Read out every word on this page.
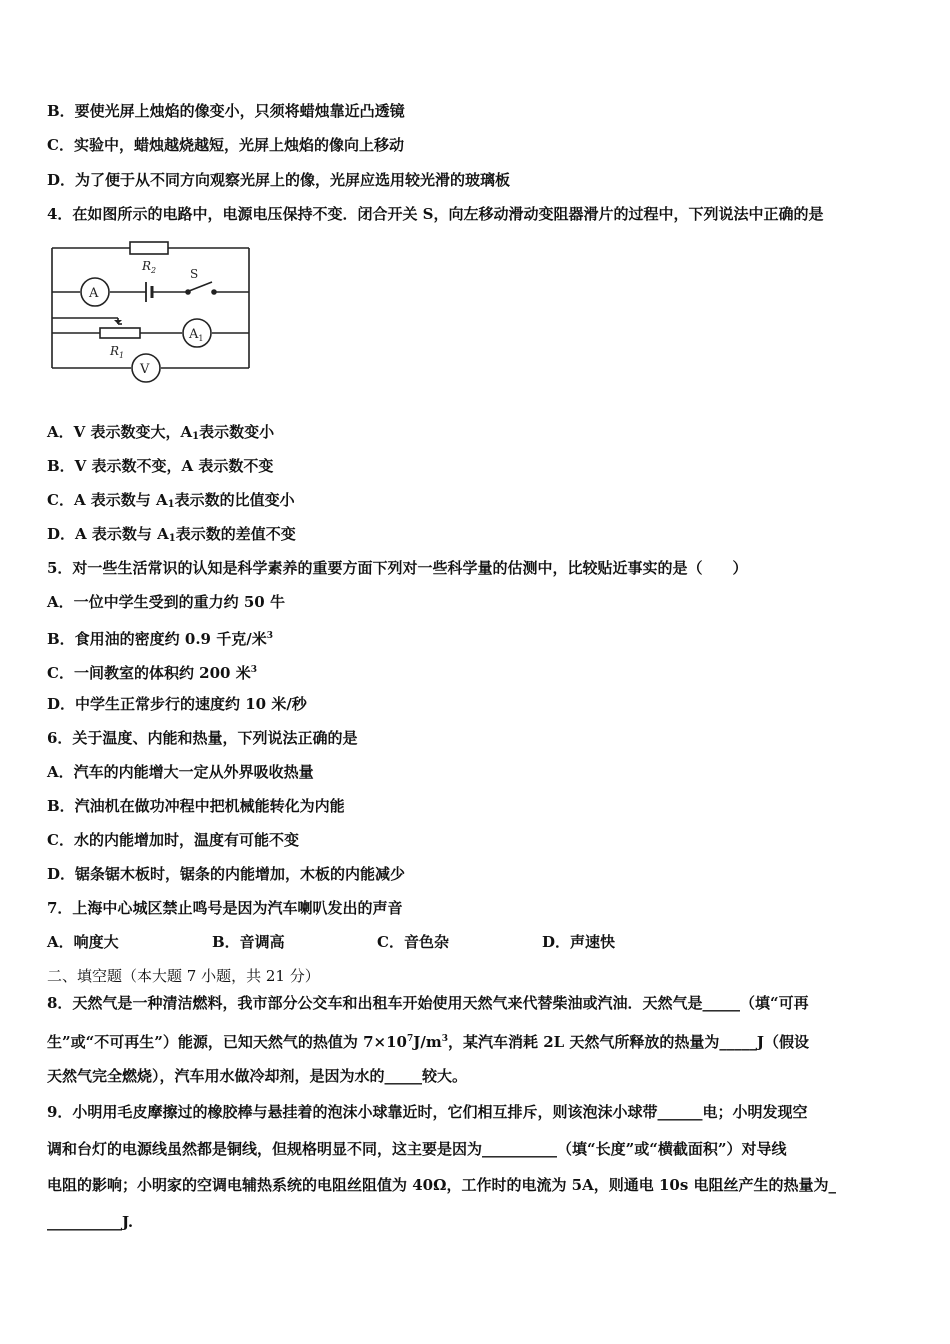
B．要使光屏上烛焰的像变小，只须将蜡烛靠近凸透镜
C．实验中，蜡烛越烧越短，光屏上烛焰的像向上移动
D．为了便于从不同方向观察光屏上的像，光屏应选用较光滑的玻璃板
4．在如图所示的电路中，电源电压保持不变．闭合开关 S，向左移动滑动变阻器滑片的过程中，下列说法中正确的是
$R_2$	S
A
$A_1$
$R_1$
V
A．V 表示数变大，$A_1$表示数变小
B．V 表示数不变，A 表示数不变
C．A 表示数与 $A_1$表示数的比值变小
D．A 表示数与 $A_1$表示数的差值不变
5．对一些生活常识的认知是科学素养的重要方面下列对一些科学量的估测中，比较贴近事实的是（　　）
A．一位中学生受到的重力约 50 牛
B．食用油的密度约 0.9 千克/米$^3$
C．一间教室的体积约 200 米$^3$
D．中学生正常步行的速度约 10 米/秒
6．关于温度、内能和热量，下列说法正确的是
A．汽车的内能增大一定从外界吸收热量
B．汽油机在做功冲程中把机械能转化为内能
C．水的内能增加时，温度有可能不变
D．锯条锯木板时，锯条的内能增加，木板的内能减少
7．上海中心城区禁止鸣号是因为汽车喇叭发出的声音
A．响度大	B．音调高	C．音色杂	D．声速快
二、填空题（本大题 7 小题，共 21 分）
8．天然气是一种清洁燃料，我市部分公交车和出租车开始使用天然气来代替柴油或汽油．天然气是_____（填“可再
生”或“不可再生”）能源，已知天然气的热值为 $7\times 10^7J/m^3$，某汽车消耗 2L 天然气所释放的热量为_____J（假设
天然气完全燃烧），汽车用水做冷却剂，是因为水的_____较大。
9．小明用毛皮摩擦过的橡胶棒与悬挂着的泡沫小球靠近时，它们相互排斥，则该泡沫小球带______电；小明发现空
调和台灯的电源线虽然都是铜线，但规格明显不同，这主要是因为__________（填“长度”或“横截面积”）对导线
电阻的影响；小明家的空调电辅热系统的电阻丝阻值为 40Ω，工作时的电流为 5A，则通电 10s 电阻丝产生的热量为_
__________J.
